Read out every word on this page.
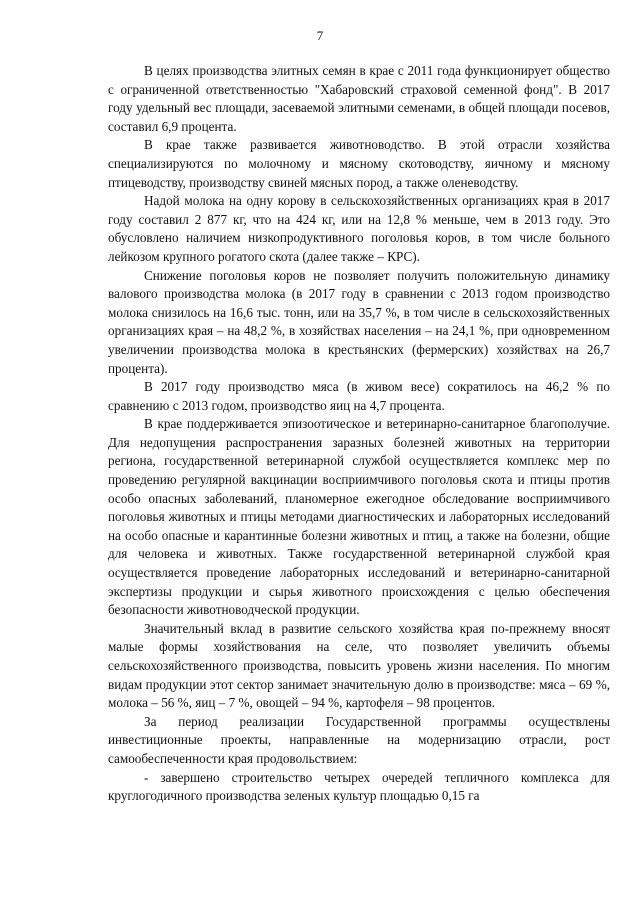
7

В целях производства элитных семян в крае с 2011 года функционирует общество с ограниченной ответственностью "Хабаровский страховой семенной фонд". В 2017 году удельный вес площади, засеваемой элитными семенами, в общей площади посевов, составил 6,9 процента.

В крае также развивается животноводство. В этой отрасли хозяйства специализируются по молочному и мясному скотоводству, яичному и мясному птицеводству, производству свиней мясных пород, а также оленеводству.

Надой молока на одну корову в сельскохозяйственных организациях края в 2017 году составил 2 877 кг, что на 424 кг, или на 12,8 % меньше, чем в 2013 году. Это обусловлено наличием низкопродуктивного поголовья коров, в том числе больного лейкозом крупного рогатого скота (далее также – КРС).

Снижение поголовья коров не позволяет получить положительную динамику валового производства молока (в 2017 году в сравнении с 2013 годом производство молока снизилось на 16,6 тыс. тонн, или на 35,7 %, в том числе в сельскохозяйственных организациях края – на 48,2 %, в хозяйствах населения – на 24,1 %, при одновременном увеличении производства молока в крестьянских (фермерских) хозяйствах на 26,7 процента).

В 2017 году производство мяса (в живом весе) сократилось на 46,2 % по сравнению с 2013 годом, производство яиц на 4,7 процента.

В крае поддерживается эпизоотическое и ветеринарно-санитарное благополучие. Для недопущения распространения заразных болезней животных на территории региона, государственной ветеринарной службой осуществляется комплекс мер по проведению регулярной вакцинации восприимчивого поголовья скота и птицы против особо опасных заболеваний, планомерное ежегодное обследование восприимчивого поголовья животных и птицы методами диагностических и лабораторных исследований на особо опасные и карантинные болезни животных и птиц, а также на болезни, общие для человека и животных. Также государственной ветеринарной службой края осуществляется проведение лабораторных исследований и ветеринарно-санитарной экспертизы продукции и сырья животного происхождения с целью обеспечения безопасности животноводческой продукции.

Значительный вклад в развитие сельского хозяйства края по-прежнему вносят малые формы хозяйствования на селе, что позволяет увеличить объемы сельскохозяйственного производства, повысить уровень жизни населения. По многим видам продукции этот сектор занимает значительную долю в производстве: мяса – 69 %, молока – 56 %, яиц – 7 %, овощей – 94 %, картофеля – 98 процентов.

За период реализации Государственной программы осуществлены инвестиционные проекты, направленные на модернизацию отрасли, рост самообеспеченности края продовольствием:

- завершено строительство четырех очередей тепличного комплекса для круглогодичного производства зеленых культур площадью 0,15 га
